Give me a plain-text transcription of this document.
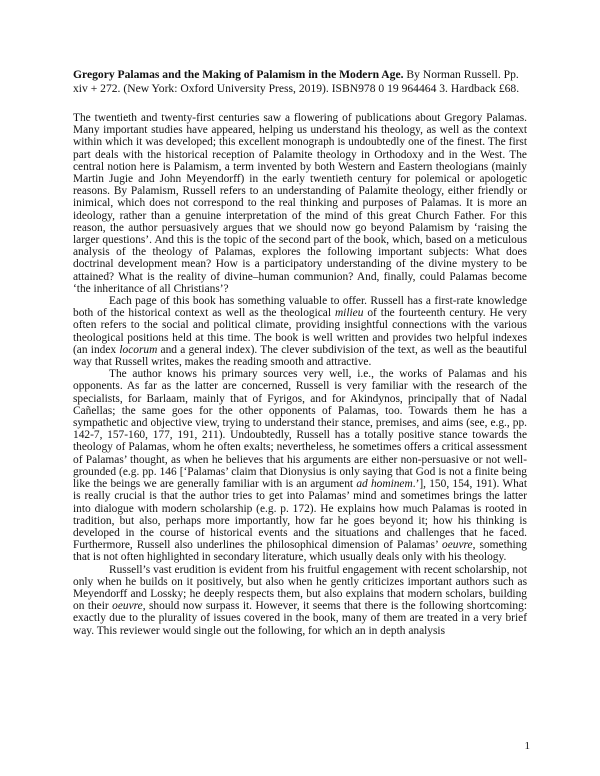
Gregory Palamas and the Making of Palamism in the Modern Age. By Norman Russell. Pp. xiv + 272. (New York: Oxford University Press, 2019). ISBN978 0 19 964464 3. Hardback £68.

The twentieth and twenty-first centuries saw a flowering of publications about Gregory Palamas. Many important studies have appeared, helping us understand his theology, as well as the context within which it was developed; this excellent monograph is undoubtedly one of the finest. The first part deals with the historical reception of Palamite theology in Orthodoxy and in the West. The central notion here is Palamism, a term invented by both Western and Eastern theologians (mainly Martin Jugie and John Meyendorff) in the early twentieth century for polemical or apologetic reasons. By Palamism, Russell refers to an understanding of Palamite theology, either friendly or inimical, which does not correspond to the real thinking and purposes of Palamas. It is more an ideology, rather than a genuine interpretation of the mind of this great Church Father. For this reason, the author persuasively argues that we should now go beyond Palamism by ‘raising the larger questions’. And this is the topic of the second part of the book, which, based on a meticulous analysis of the theology of Palamas, explores the following important subjects: What does doctrinal development mean? How is a participatory understanding of the divine mystery to be attained? What is the reality of divine–human communion? And, finally, could Palamas become ‘the inheritance of all Christians’?

Each page of this book has something valuable to offer. Russell has a first-rate knowledge both of the historical context as well as the theological milieu of the fourteenth century. He very often refers to the social and political climate, providing insightful connections with the various theological positions held at this time. The book is well written and provides two helpful indexes (an index locorum and a general index). The clever subdivision of the text, as well as the beautiful way that Russell writes, makes the reading smooth and attractive.

The author knows his primary sources very well, i.e., the works of Palamas and his opponents. As far as the latter are concerned, Russell is very familiar with the research of the specialists, for Barlaam, mainly that of Fyrigos, and for Akindynos, principally that of Nadal Cañellas; the same goes for the other opponents of Palamas, too. Towards them he has a sympathetic and objective view, trying to understand their stance, premises, and aims (see, e.g., pp. 142-7, 157-160, 177, 191, 211). Undoubtedly, Russell has a totally positive stance towards the theology of Palamas, whom he often exalts; nevertheless, he sometimes offers a critical assessment of Palamas’ thought, as when he believes that his arguments are either non-persuasive or not well-grounded (e.g. pp. 146 [‘Palamas’ claim that Dionysius is only saying that God is not a finite being like the beings we are generally familiar with is an argument ad hominem.’], 150, 154, 191). What is really crucial is that the author tries to get into Palamas’ mind and sometimes brings the latter into dialogue with modern scholarship (e.g. p. 172). He explains how much Palamas is rooted in tradition, but also, perhaps more importantly, how far he goes beyond it; how his thinking is developed in the course of historical events and the situations and challenges that he faced. Furthermore, Russell also underlines the philosophical dimension of Palamas’ oeuvre, something that is not often highlighted in secondary literature, which usually deals only with his theology.

Russell’s vast erudition is evident from his fruitful engagement with recent scholarship, not only when he builds on it positively, but also when he gently criticizes important authors such as Meyendorff and Lossky; he deeply respects them, but also explains that modern scholars, building on their oeuvre, should now surpass it. However, it seems that there is the following shortcoming: exactly due to the plurality of issues covered in the book, many of them are treated in a very brief way. This reviewer would single out the following, for which an in depth analysis

1
